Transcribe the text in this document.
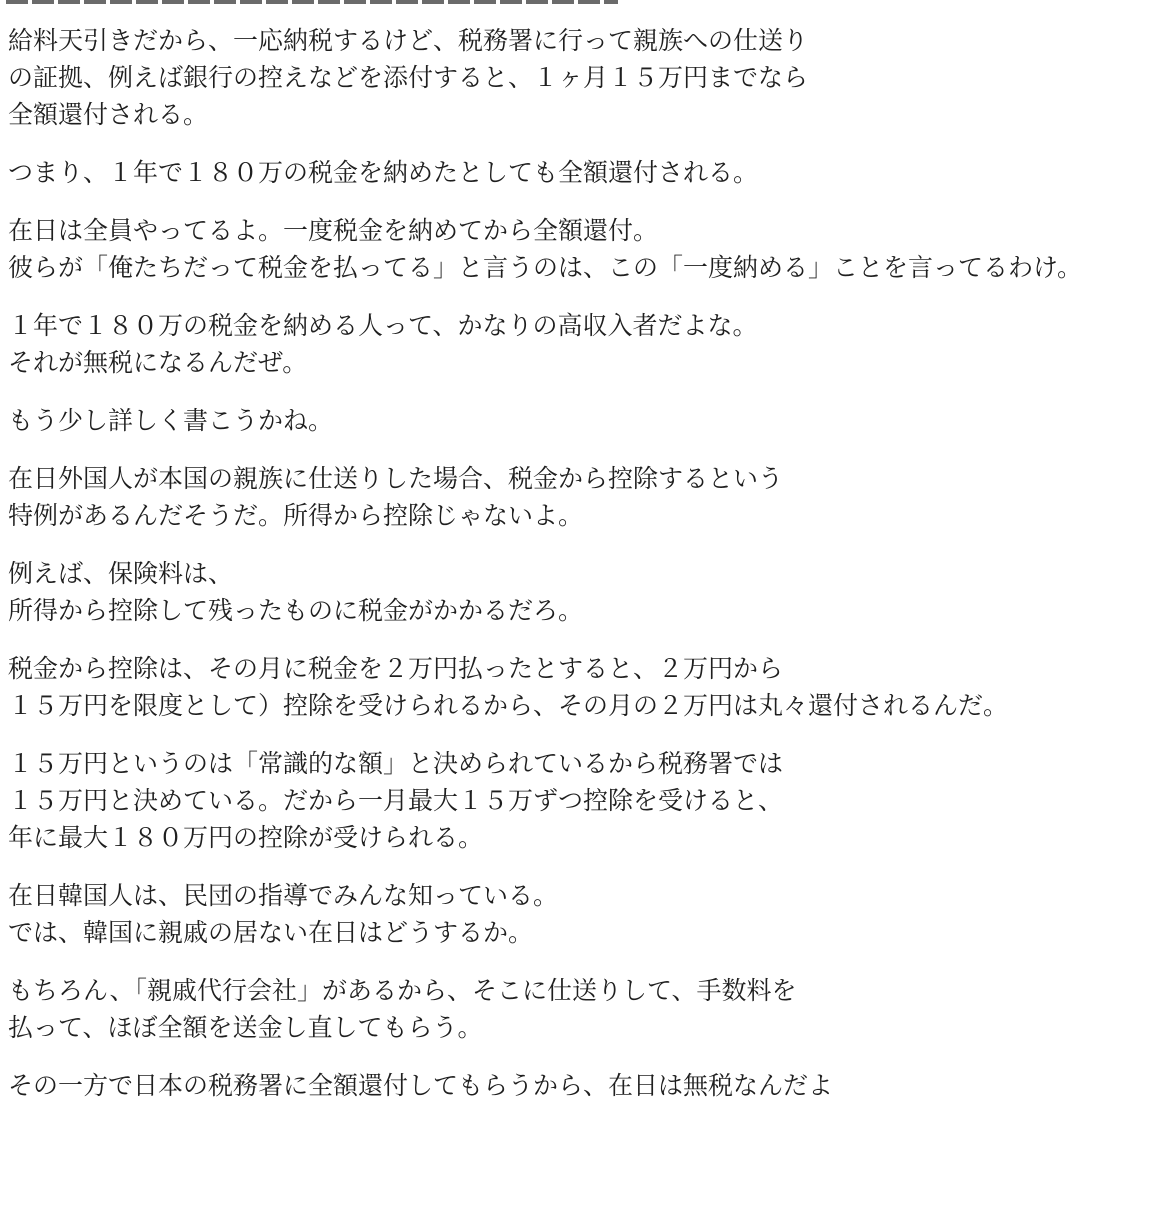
給料天引きだから、一応納税するけど、税務署に行って親族への仕送り
の証拠、例えば銀行の控えなどを添付すると、１ヶ月１５万円までなら
全額還付される。

つまり、１年で１８０万の税金を納めたとしても全額還付される。

在日は全員やってるよ。一度税金を納めてから全額還付。
彼らが「俺たちだって税金を払ってる」と言うのは、この「一度納める」ことを言ってるわけ。

１年で１８０万の税金を納める人って、かなりの高収入者だよな。
それが無税になるんだぜ。

もう少し詳しく書こうかね。

在日外国人が本国の親族に仕送りした場合、税金から控除するという
特例があるんだそうだ。所得から控除じゃないよ。

例えば、保険料は、
所得から控除して残ったものに税金がかかるだろ。

税金から控除は、その月に税金を２万円払ったとすると、２万円から
１５万円を限度として）控除を受けられるから、その月の２万円は丸々還付されるんだ。

１５万円というのは「常識的な額」と決められているから税務署では
１５万円と決めている。だから一月最大１５万ずつ控除を受けると、
年に最大１８０万円の控除が受けられる。

在日韓国人は、民団の指導でみんな知っている。
では、韓国に親戚の居ない在日はどうするか。

もちろん、「親戚代行会社」があるから、そこに仕送りして、手数料を
払って、ほぼ全額を送金し直してもらう。

その一方で日本の税務署に全額還付してもらうから、在日は無税なんだよ
